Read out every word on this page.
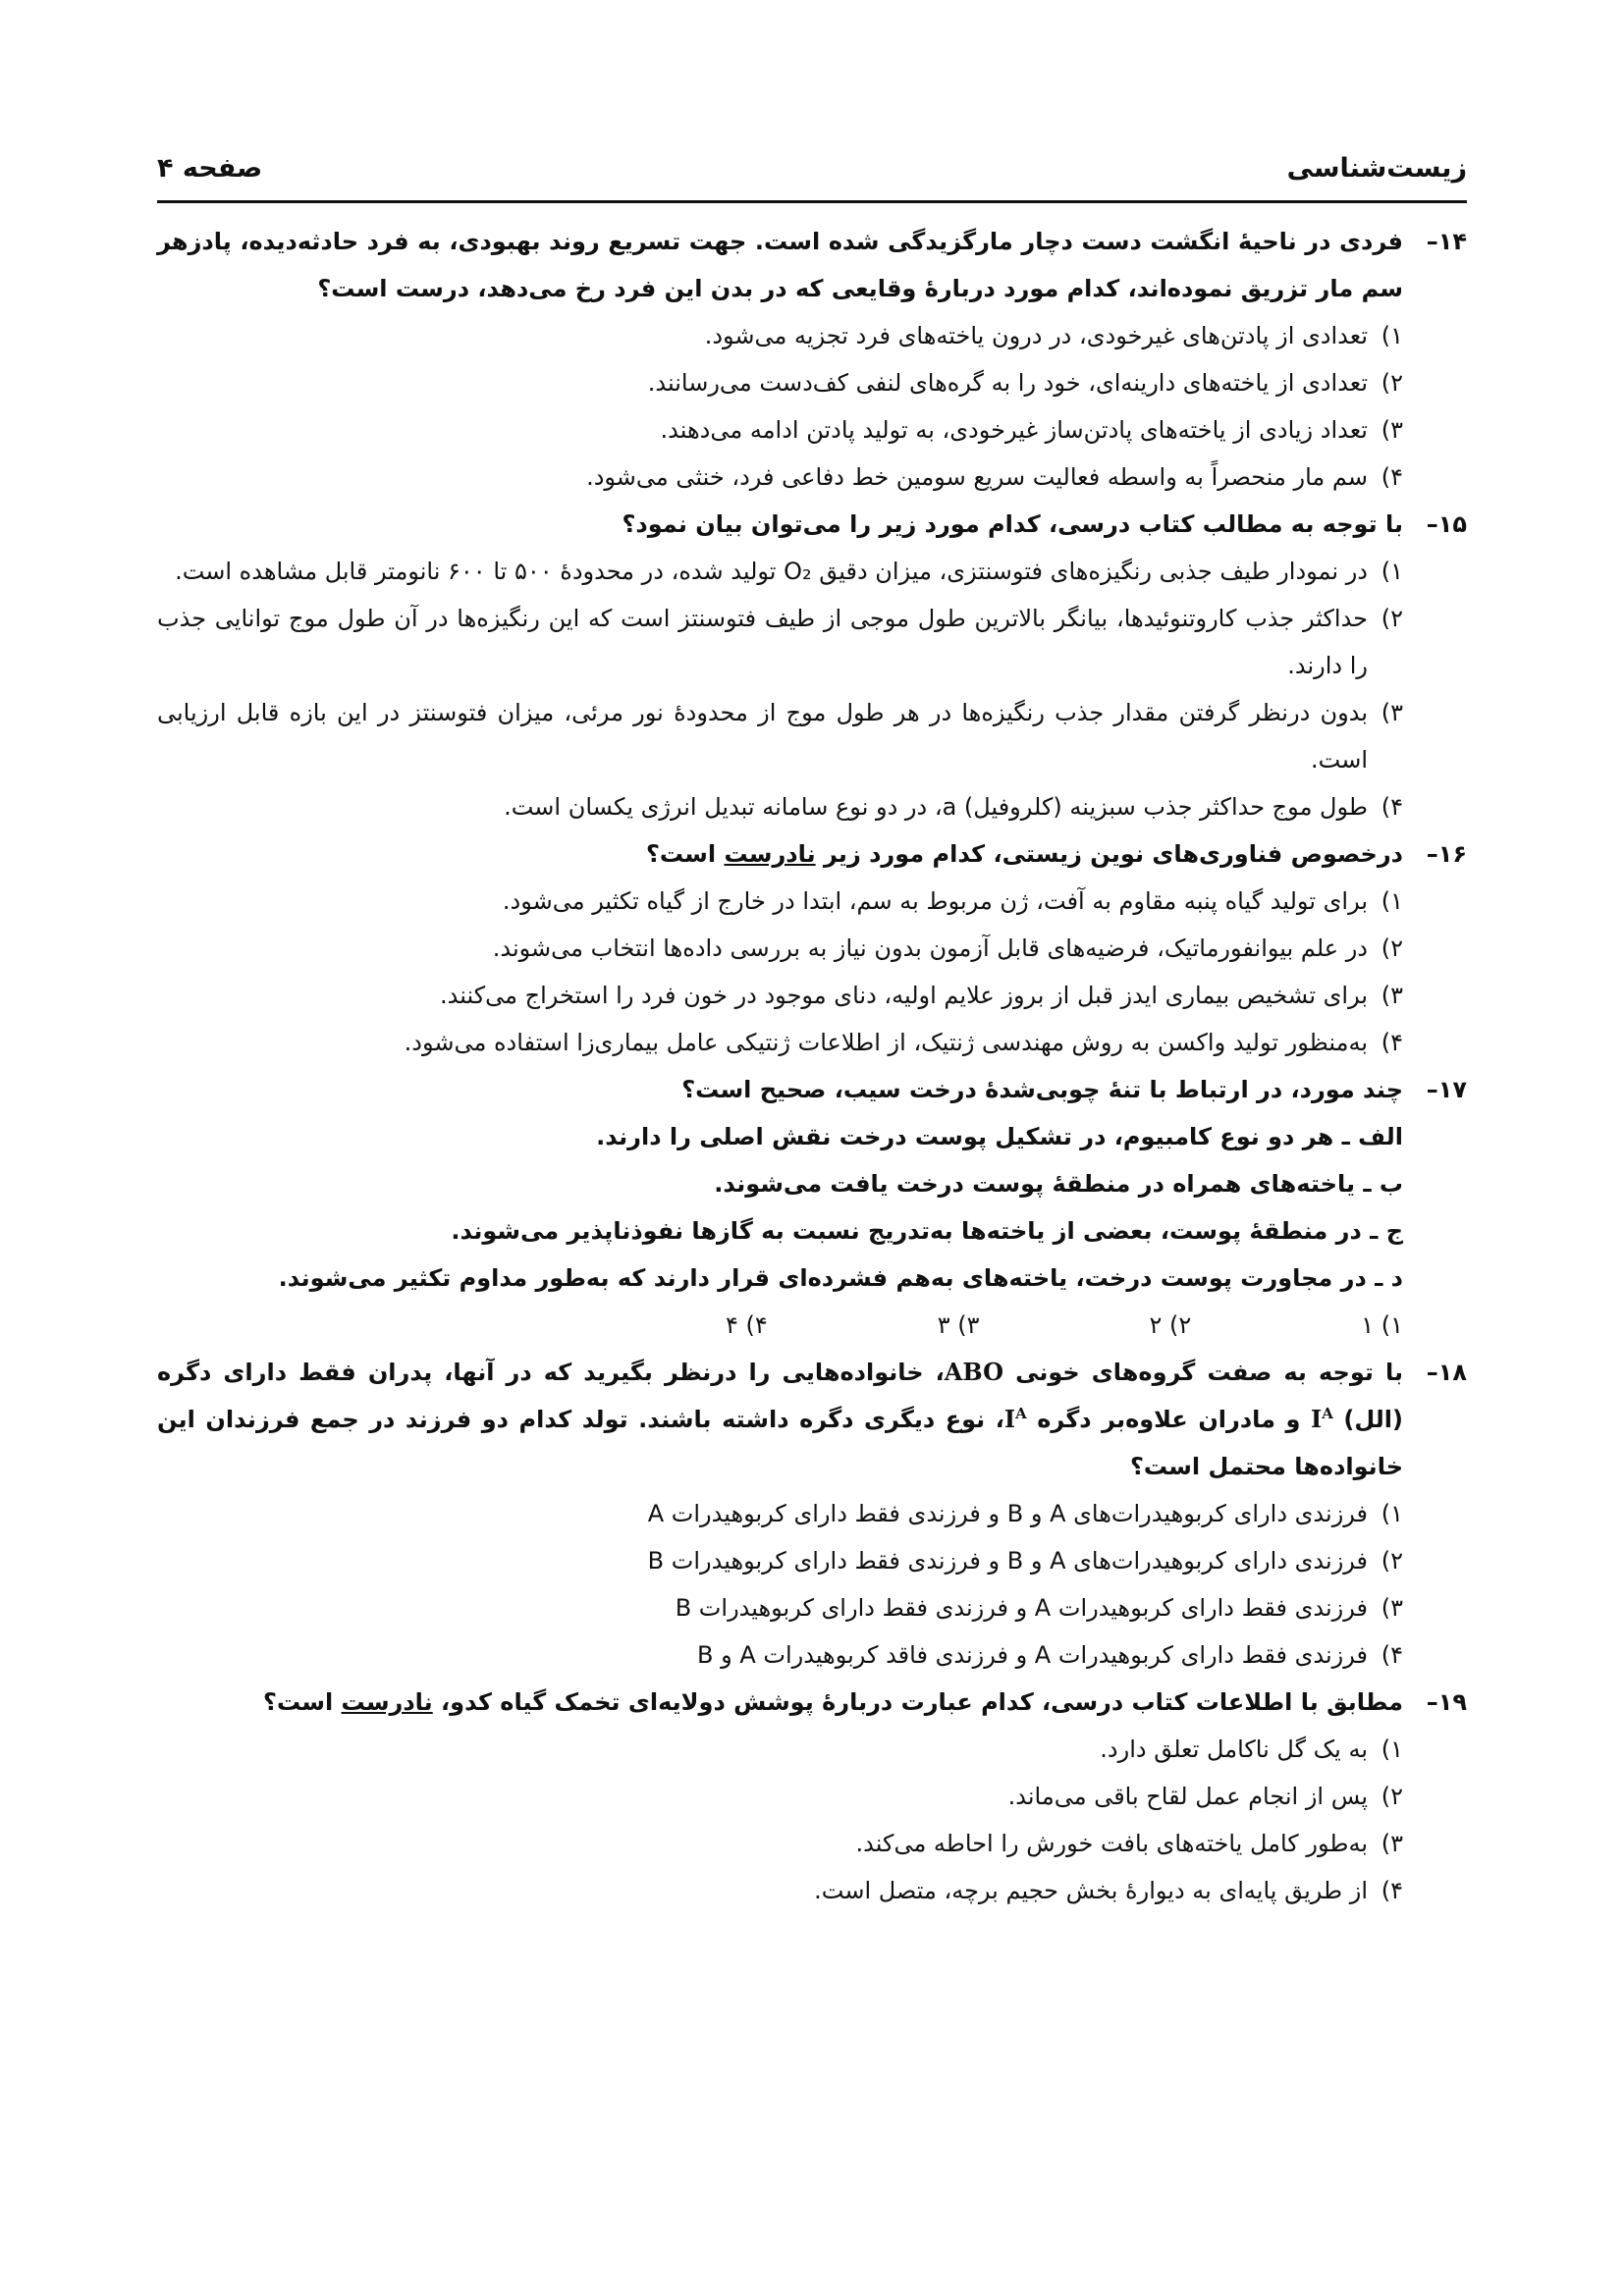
زیست‌شناسی
صفحه ۴
۱۴–
فردی در ناحیهٔ انگشت دست دچار مارگزیدگی شده است. جهت تسریع روند بهبودی، به فرد حادثه‌دیده، پادزهر سم مار تزریق نموده‌اند، کدام مورد دربارهٔ وقایعی که در بدن این فرد رخ می‌دهد، درست است؟
۱)
تعدادی از پادتن‌های غیرخودی، در درون یاخته‌های فرد تجزیه می‌شود.
۲)
تعدادی از یاخته‌های دارینه‌ای، خود را به گره‌های لنفی کف‌دست می‌رسانند.
۳)
تعداد زیادی از یاخته‌های پادتن‌ساز غیرخودی، به تولید پادتن ادامه می‌دهند.
۴)
سم مار منحصراً به واسطه فعالیت سریع سومین خط دفاعی فرد، خنثی می‌شود.
۱۵–
با توجه به مطالب کتاب درسی، کدام مورد زیر را می‌توان بیان نمود؟
۱)
در نمودار طیف جذبی رنگیزه‌های فتوسنتزی، میزان دقیق O₂ تولید شده، در محدودهٔ ۵۰۰ تا ۶۰۰ نانومتر قابل مشاهده است.
۲)
حداکثر جذب کاروتنوئیدها، بیانگر بالاترین طول موجی از طیف فتوسنتز است که این رنگیزه‌ها در آن طول موج توانایی جذب را دارند.
۳)
بدون درنظر گرفتن مقدار جذب رنگیزه‌ها در هر طول موج از محدودهٔ نور مرئی، میزان فتوسنتز در این بازه قابل ارزیابی است.
۴)
طول موج حداکثر جذب سبزینه (کلروفیل) a، در دو نوع سامانه تبدیل انرژی یکسان است.
۱۶–
درخصوص فناوری‌های نوین زیستی، کدام مورد زیر نادرست است؟
۱)
برای تولید گیاه پنبه مقاوم به آفت، ژن مربوط به سم، ابتدا در خارج از گیاه تکثیر می‌شود.
۲)
در علم بیوانفورماتیک، فرضیه‌های قابل آزمون بدون نیاز به بررسی داده‌ها انتخاب می‌شوند.
۳)
برای تشخیص بیماری ایدز قبل از بروز علایم اولیه، دنای موجود در خون فرد را استخراج می‌کنند.
۴)
به‌منظور تولید واکسن به روش مهندسی ژنتیک، از اطلاعات ژنتیکی عامل بیماری‌زا استفاده می‌شود.
۱۷–
چند مورد، در ارتباط با تنهٔ چوبی‌شدهٔ درخت سیب، صحیح است؟
الف ـ هر دو نوع کامبیوم، در تشکیل پوست درخت نقش اصلی را دارند.
ب ـ یاخته‌های همراه در منطقهٔ پوست درخت یافت می‌شوند.
ج ـ در منطقهٔ پوست، بعضی از یاخته‌ها به‌تدریج نسبت به گازها نفوذناپذیر می‌شوند.
د ـ در مجاورت پوست درخت، یاخته‌های به‌هم فشرده‌ای قرار دارند که به‌طور مداوم تکثیر می‌شوند.
۱) ۱
۲) ۲
۳) ۳
۴) ۴
۱۸–
با توجه به صفت گروه‌های خونی ABO، خانواده‌هایی را درنظر بگیرید که در آنها، پدران فقط دارای دگره (الل) $I^A$ و مادران علاوه‌بر دگره $I^A،$ نوع دیگری دگره داشته باشند. تولد کدام دو فرزند در جمع فرزندان این خانواده‌ها محتمل است؟
۱)
فرزندی دارای کربوهیدرات‌های A و B و فرزندی فقط دارای کربوهیدرات A
۲)
فرزندی دارای کربوهیدرات‌های A و B و فرزندی فقط دارای کربوهیدرات B
۳)
فرزندی فقط دارای کربوهیدرات A و فرزندی فقط دارای کربوهیدرات B
۴)
فرزندی فقط دارای کربوهیدرات A و فرزندی فاقد کربوهیدرات A و B
۱۹–
مطابق با اطلاعات کتاب درسی، کدام عبارت دربارهٔ پوشش دولایه‌ای تخمک گیاه کدو، نادرست است؟
۱)
به یک گل ناکامل تعلق دارد.
۲)
پس از انجام عمل لقاح باقی می‌ماند.
۳)
به‌طور کامل یاخته‌های بافت خورش را احاطه می‌کند.
۴)
از طریق پایه‌ای به دیوارهٔ بخش حجیم برچه، متصل است.
